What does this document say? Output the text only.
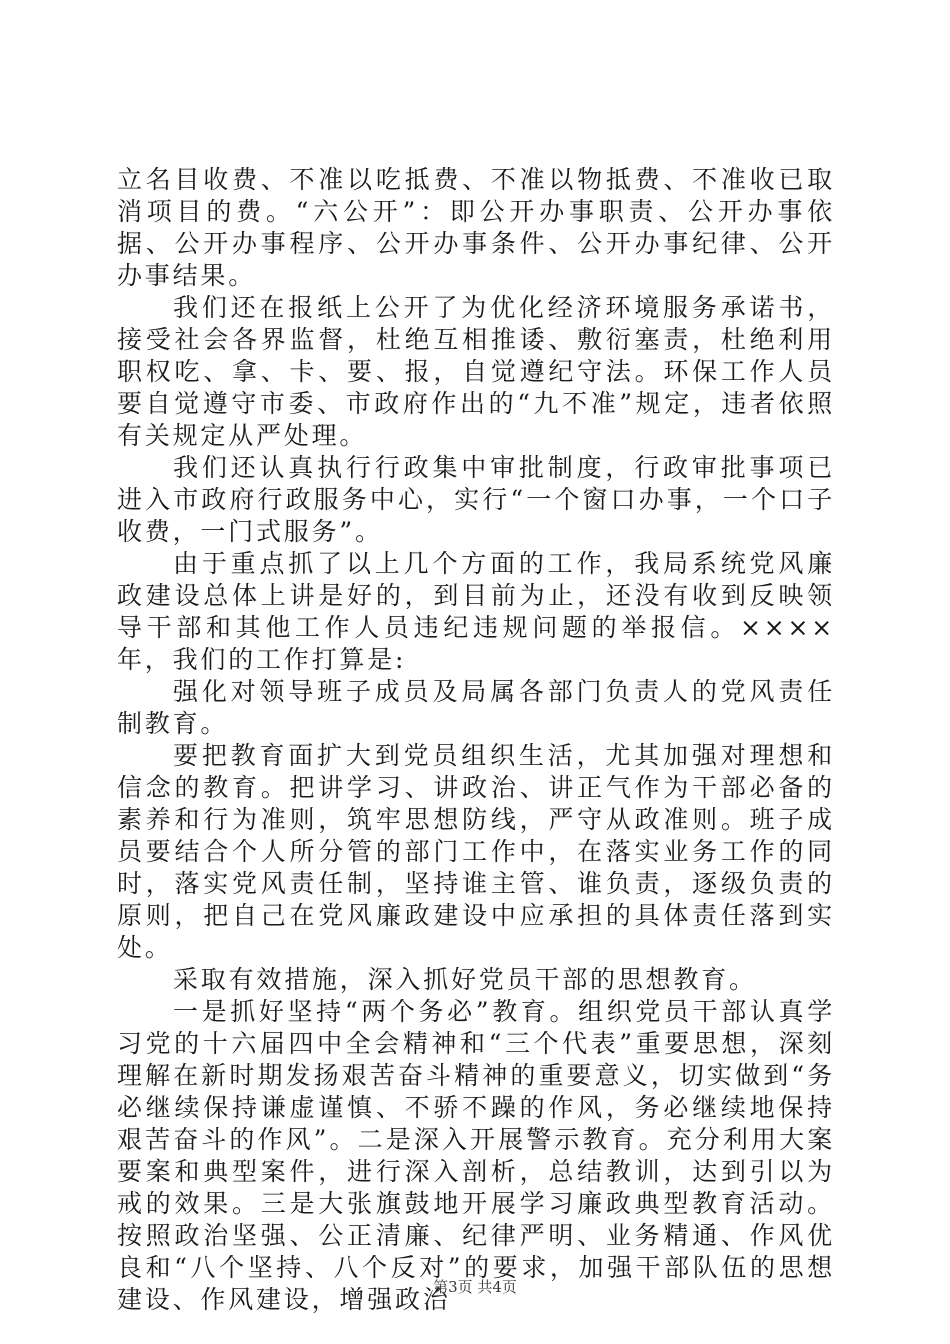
立名目收费、不准以吃抵费、不准以物抵费、不准收已取消项目的费。“六公开”：即公开办事职责、公开办事依据、公开办事程序、公开办事条件、公开办事纪律、公开办事结果。

我们还在报纸上公开了为优化经济环境服务承诺书，接受社会各界监督，杜绝互相推诿、敷衍塞责，杜绝利用职权吃、拿、卡、要、报，自觉遵纪守法。环保工作人员要自觉遵守市委、市政府作出的“九不准”规定，违者依照有关规定从严处理。

我们还认真执行行政集中审批制度，行政审批事项已进入市政府行政服务中心，实行“一个窗口办事，一个口子收费，一门式服务”。

由于重点抓了以上几个方面的工作，我局系统党风廉政建设总体上讲是好的，到目前为止，还没有收到反映领导干部和其他工作人员违纪违规问题的举报信。××××年，我们的工作打算是:

强化对领导班子成员及局属各部门负责人的党风责任制教育。

要把教育面扩大到党员组织生活，尤其加强对理想和信念的教育。把讲学习、讲政治、讲正气作为干部必备的素养和行为准则，筑牢思想防线，严守从政准则。班子成员要结合个人所分管的部门工作中，在落实业务工作的同时，落实党风责任制，坚持谁主管、谁负责，逐级负责的原则，把自己在党风廉政建设中应承担的具体责任落到实处。

采取有效措施，深入抓好党员干部的思想教育。

一是抓好坚持“两个务必”教育。组织党员干部认真学习党的十六届四中全会精神和“三个代表”重要思想，深刻理解在新时期发扬艰苦奋斗精神的重要意义，切实做到“务必继续保持谦虚谨慎、不骄不躁的作风，务必继续地保持艰苦奋斗的作风”。二是深入开展警示教育。充分利用大案要案和典型案件，进行深入剖析，总结教训，达到引以为戒的效果。三是大张旗鼓地开展学习廉政典型教育活动。按照政治坚强、公正清廉、纪律严明、业务精通、作风优良和“八个坚持、八个反对”的要求，加强干部队伍的思想建设、作风建设，增强政治

第3页 共4页
